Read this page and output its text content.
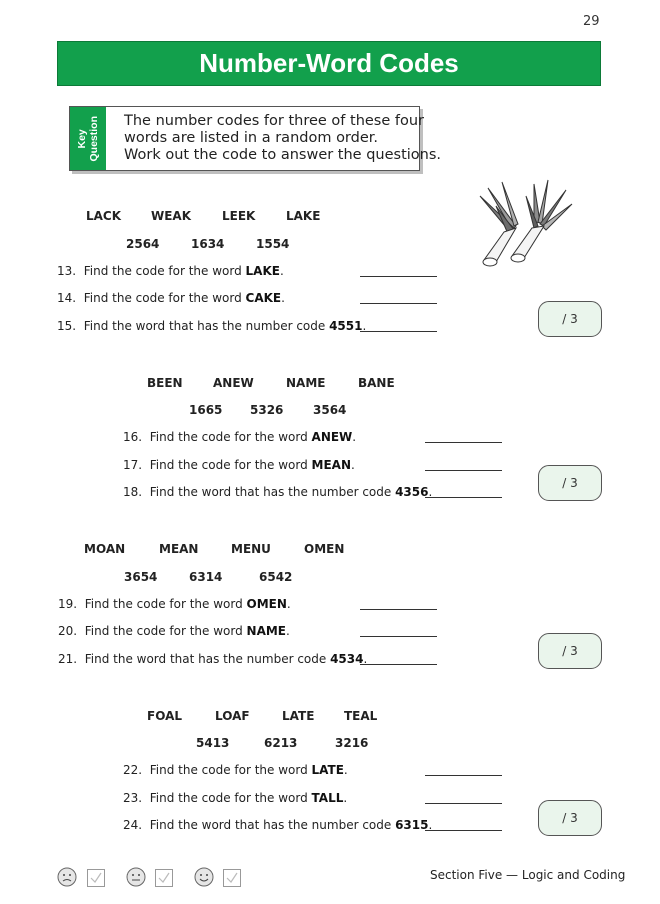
29
Number-Word Codes
Key
Question The number codes for three of these four
words are listed in a random order.
Work out the code to answer the questions.
LACK WEAK	LEEK	LAKE
2564	1634	1554
13. Find the code for the word LAKE.
14. Find the code for the word CAKE.
15. Find the word that has the number code 4551.	/ 3
BEEN	ANEW	NAME	BANE
1665 5326 3564
16. Find the code for the word ANEW.
17. Find the code for the word MEAN.
18. Find the word that has the number code 4356.
/ 3
MOAN	MEAN	MENU	OMEN
3654	6314	6542
19. Find the code for the word OMEN.
20. Find the code for the word NAME.
21. Find the word that has the number code 4534.
/ 3
FOAL	LOAF	LATE TEAL
5413	6213	3216
22. Find the code for the word LATE.
23. Find the code for the word TALL.
24. Find the word that has the number code 6315.	/ 3
Section Five — Logic and Coding
